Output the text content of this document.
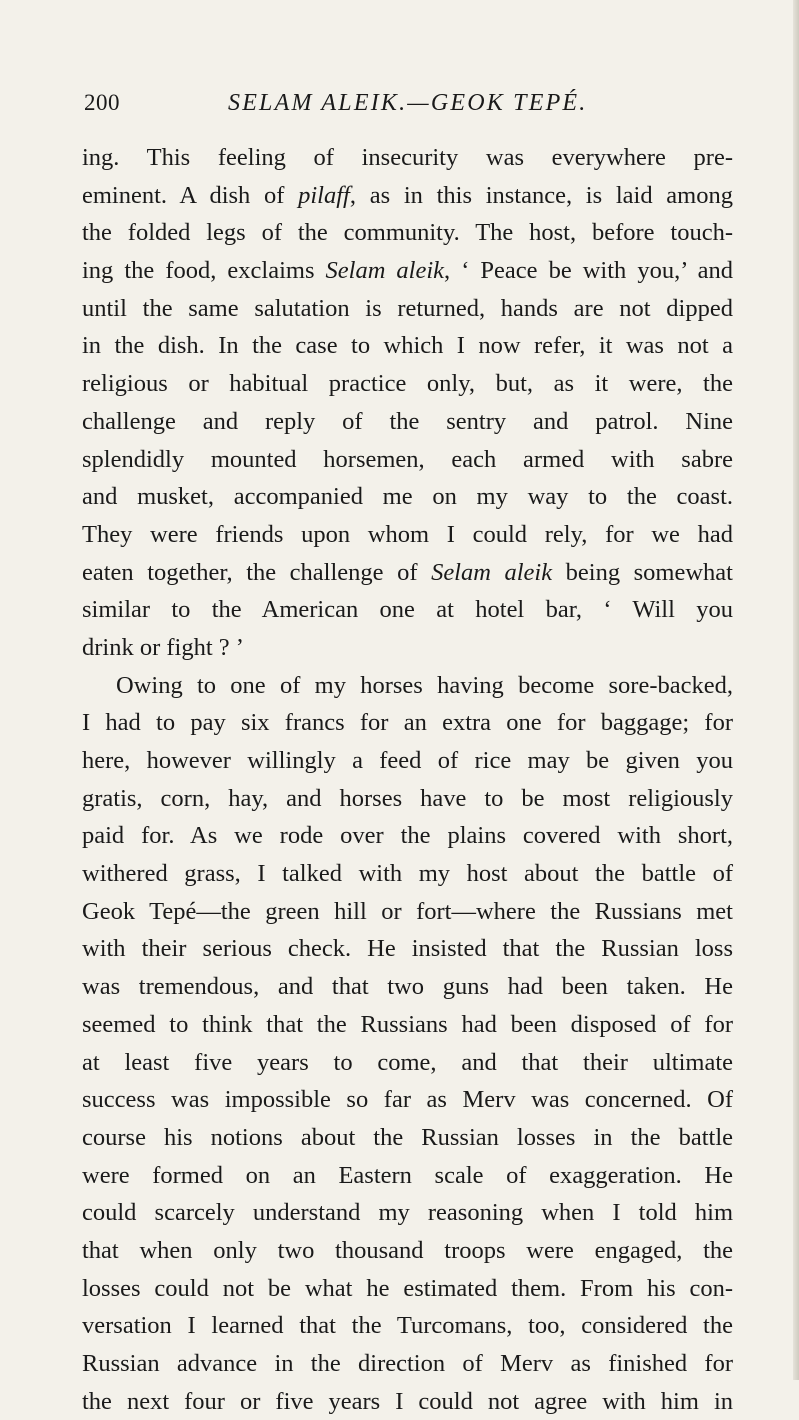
200	SELAM ALEIK.—GEOK TEPÉ.
ing. This feeling of insecurity was everywhere pre-
eminent. A dish of pilaff, as in this instance, is laid among
the folded legs of the community. The host, before touch-
ing the food, exclaims Selam aleik, ‘ Peace be with you,’ and
until the same salutation is returned, hands are not dipped
in the dish. In the case to which I now refer, it was not a
religious or habitual practice only, but, as it were, the
challenge and reply of the sentry and patrol. Nine
splendidly mounted horsemen, each armed with sabre
and musket, accompanied me on my way to the coast.
They were friends upon whom I could rely, for we had
eaten together, the challenge of Selam aleik being somewhat
similar to the American one at hotel bar, ‘ Will you
drink or fight ? ’
Owing to one of my horses having become sore-backed,
I had to pay six francs for an extra one for baggage; for
here, however willingly a feed of rice may be given you
gratis, corn, hay, and horses have to be most religiously
paid for. As we rode over the plains covered with short,
withered grass, I talked with my host about the battle of
Geok Tepé—the green hill or fort—where the Russians met
with their serious check. He insisted that the Russian loss
was tremendous, and that two guns had been taken. He
seemed to think that the Russians had been disposed of for
at least five years to come, and that their ultimate
success was impossible so far as Merv was concerned. Of
course his notions about the Russian losses in the battle
were formed on an Eastern scale of exaggeration. He
could scarcely understand my reasoning when I told him
that when only two thousand troops were engaged, the
losses could not be what he estimated them. From his con-
versation I learned that the Turcomans, too, considered the
Russian advance in the direction of Merv as finished for
the next four or five years I could not agree with him in
